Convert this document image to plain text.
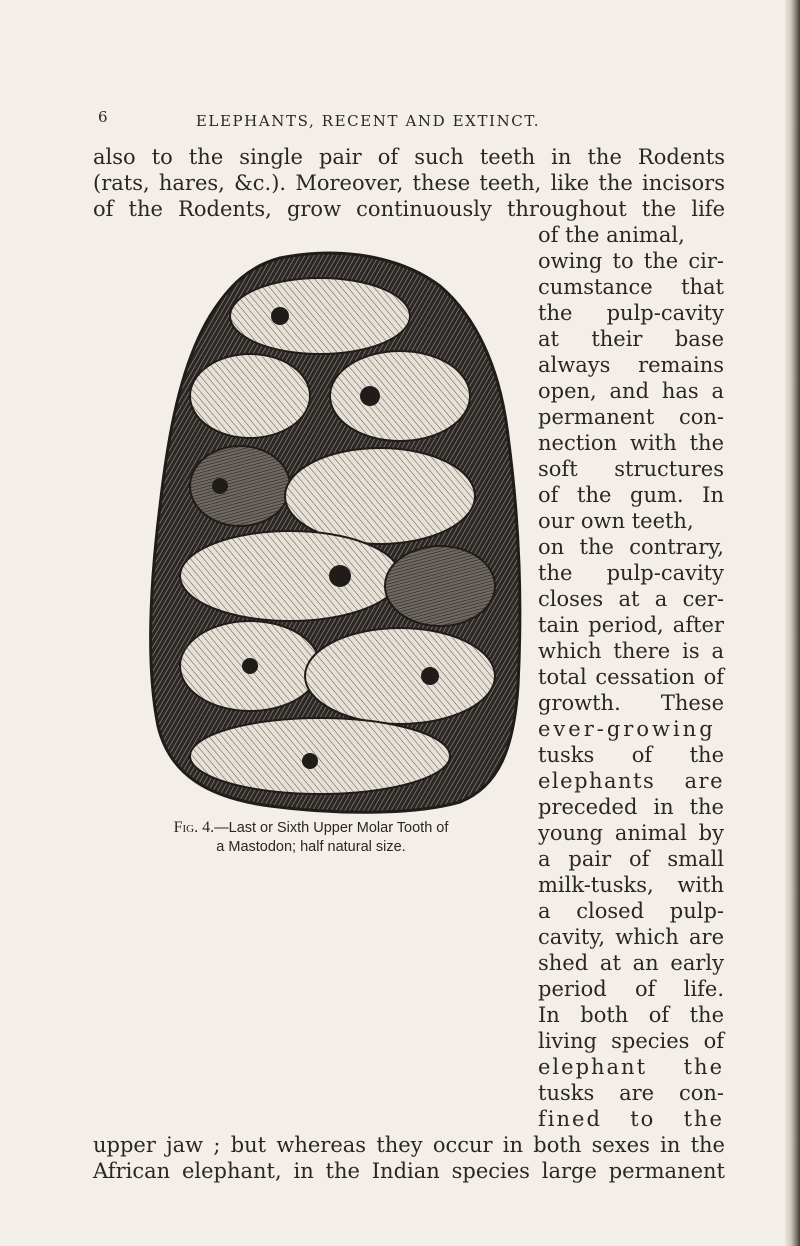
6	ELEPHANTS, RECENT AND EXTINCT.
also to the single pair of such teeth in the Rodents
(rats, hares, &c.). Moreover, these teeth, like the incisors
of the Rodents, grow continuously throughout the life
of the animal,
owing to the cir-
cumstance that
the pulp-cavity
at their base
always remains
open, and has a
permanent con-
nection with the
soft structures
of the gum. In
our own teeth,
on the contrary,
the pulp-cavity
closes at a cer-
tain period, after
which there is a
total cessation of
growth. These
ever-growing
tusks of the
elephants are
preceded in the
young animal by
a pair of small
milk-tusks, with
a closed pulp-
cavity, which are
shed at an early
period of life.
In both of the
living species of
elephant the
tusks are con-
fined to the
upper jaw ; but whereas they occur in both sexes in the
African elephant, in the Indian species large permanent
Fig. 4.—Last or Sixth Upper Molar Tooth of
a Mastodon; half natural size.
